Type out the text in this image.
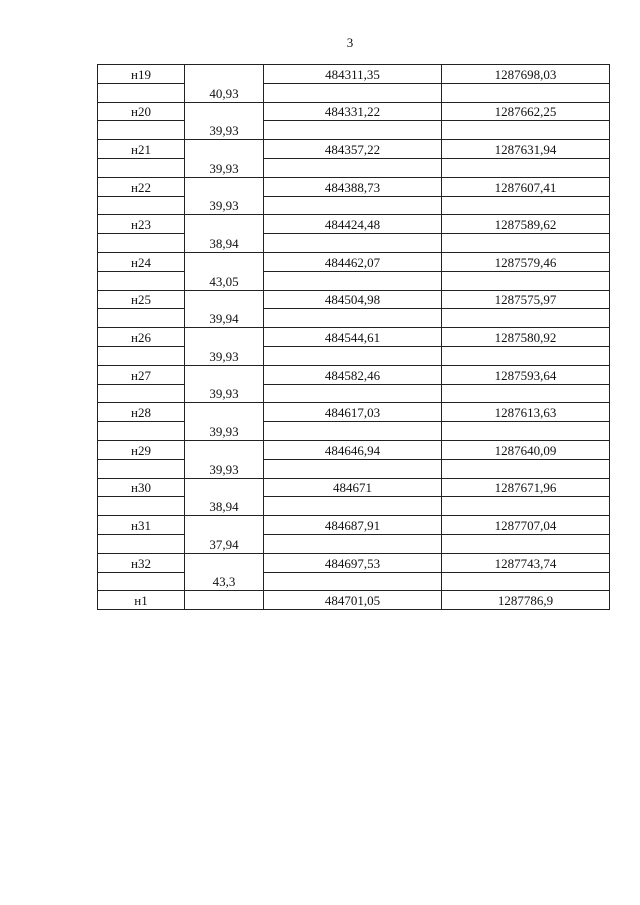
3
н19		484311,35	1287698,03
	40,93		
н20		484331,22	1287662,25
	39,93		
н21		484357,22	1287631,94
	39,93		
н22		484388,73	1287607,41
	39,93		
н23		484424,48	1287589,62
	38,94		
н24		484462,07	1287579,46
	43,05		
н25		484504,98	1287575,97
	39,94		
н26		484544,61	1287580,92
	39,93		
н27		484582,46	1287593,64
	39,93		
н28		484617,03	1287613,63
	39,93		
н29		484646,94	1287640,09
	39,93		
н30		484671	1287671,96
	38,94		
н31		484687,91	1287707,04
	37,94		
н32		484697,53	1287743,74
	43,3		
н1		484701,05	1287786,9
